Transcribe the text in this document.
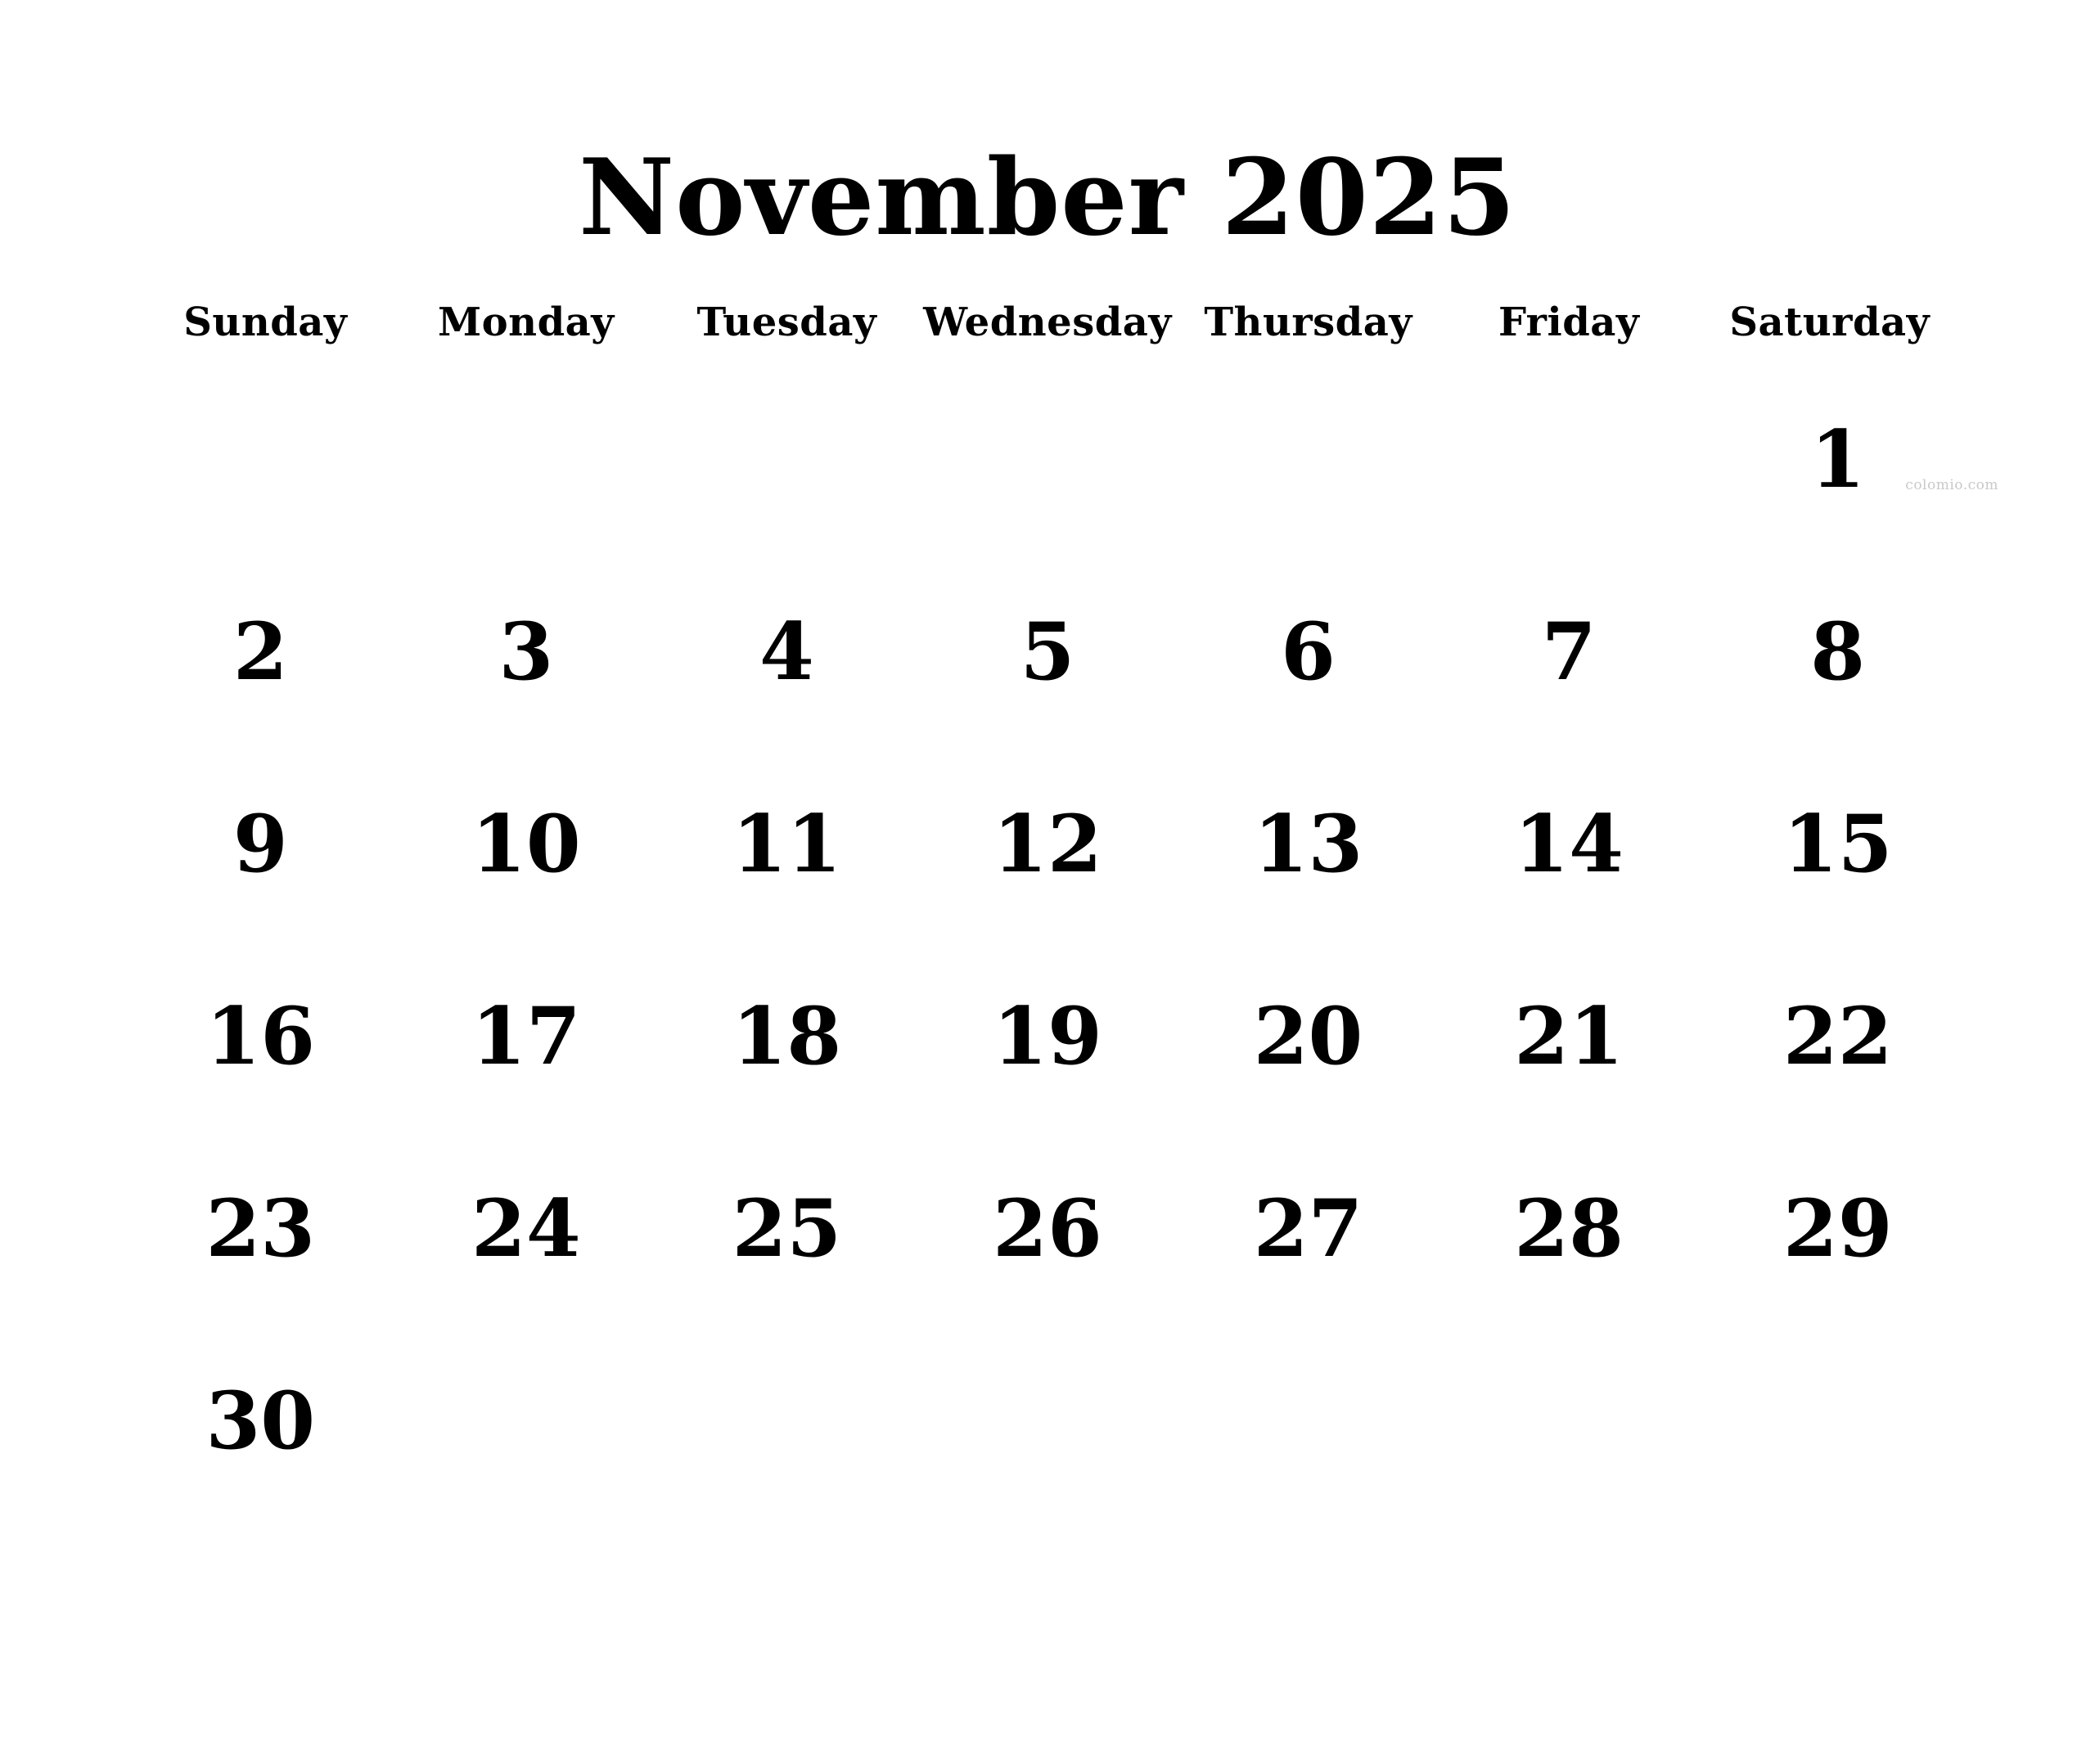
November 2025
colomio.com
Sunday	Monday	Tuesday	Wednesday	Thursday	Friday	Saturday
						1
2	3	4	5	6	7	8
9	10	11	12	13	14	15
16	17	18	19	20	21	22
23	24	25	26	27	28	29
30						
